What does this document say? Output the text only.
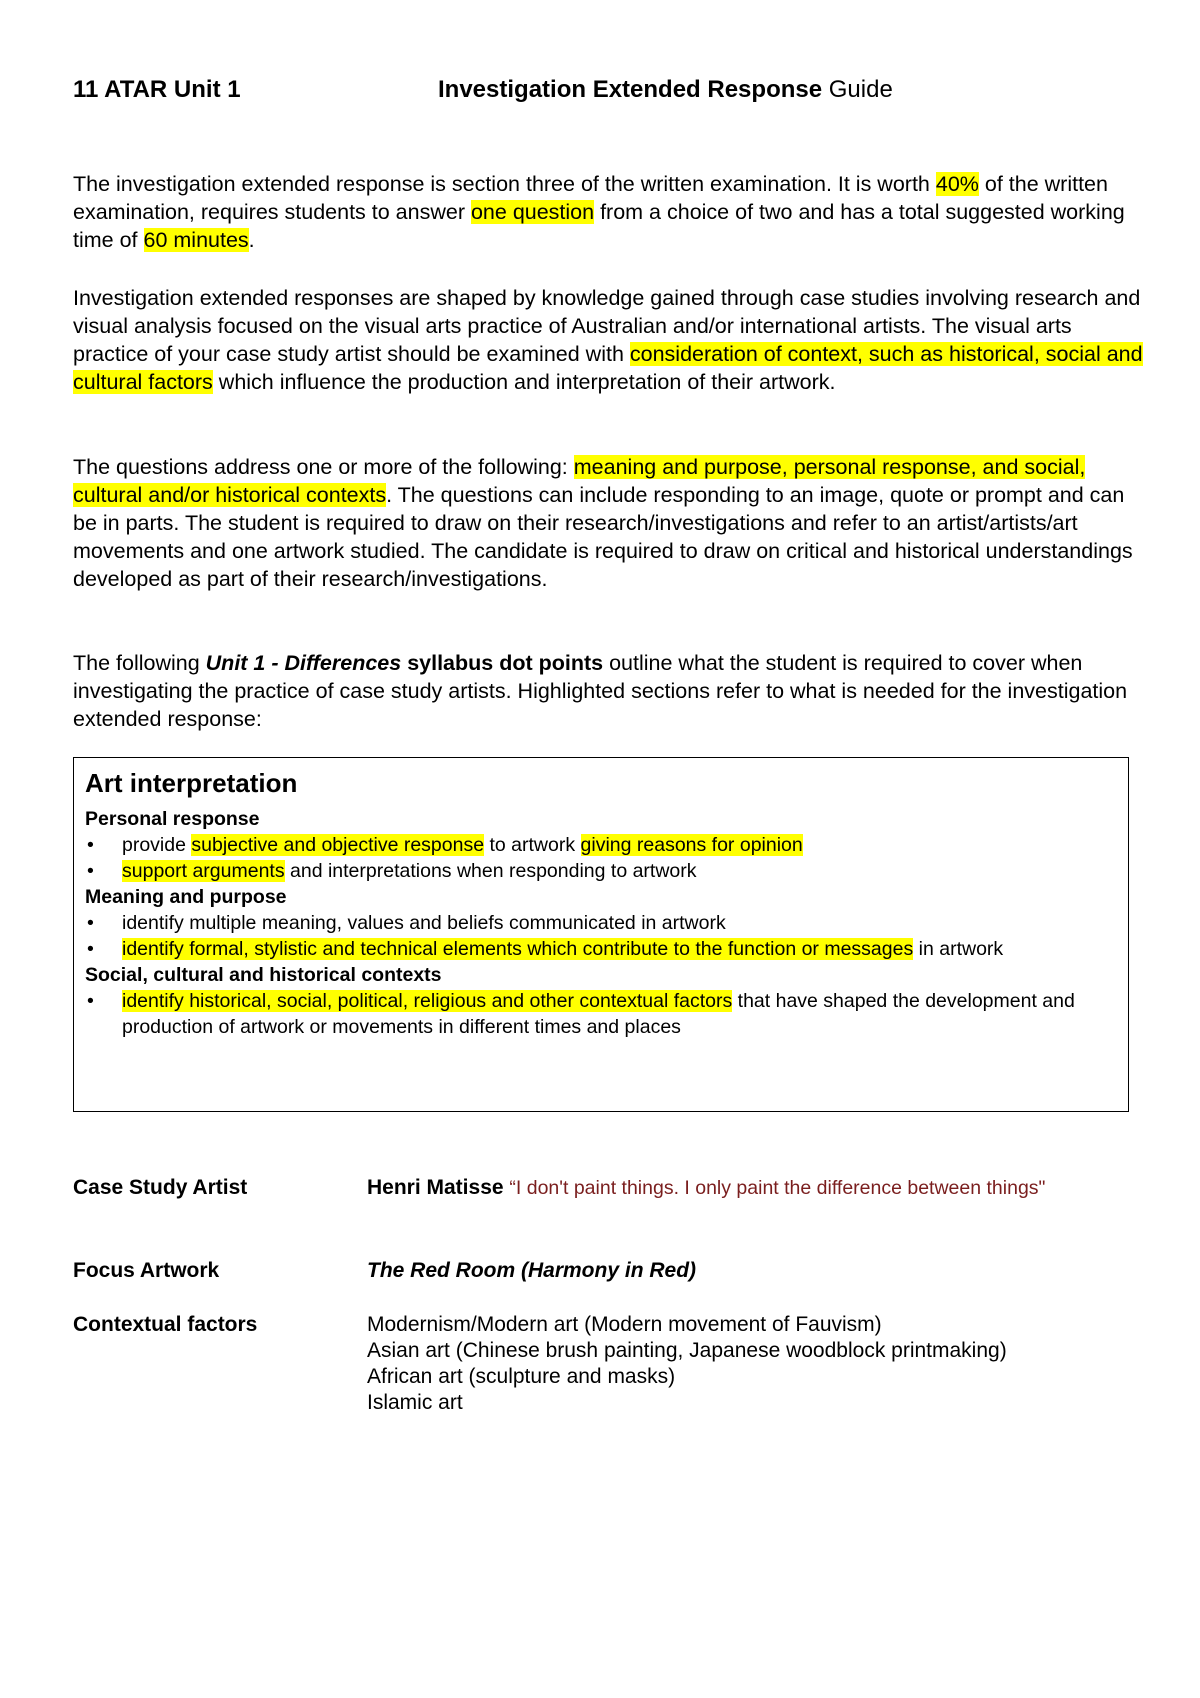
11 ATAR Unit 1	Investigation Extended Response Guide

The investigation extended response is section three of the written examination. It is worth 40% of the written examination, requires students to answer one question from a choice of two and has a total suggested working time of 60 minutes.

Investigation extended responses are shaped by knowledge gained through case studies involving research and visual analysis focused on the visual arts practice of Australian and/or international artists. The visual arts practice of your case study artist should be examined with consideration of context, such as historical, social and cultural factors which influence the production and interpretation of their artwork.

The questions address one or more of the following: meaning and purpose, personal response, and social, cultural and/or historical contexts. The questions can include responding to an image, quote or prompt and can be in parts. The student is required to draw on their research/investigations and refer to an artist/artists/art movements and one artwork studied. The candidate is required to draw on critical and historical understandings developed as part of their research/investigations.

The following Unit 1 - Differences syllabus dot points outline what the student is required to cover when investigating the practice of case study artists. Highlighted sections refer to what is needed for the investigation extended response:

Art interpretation
Personal response
•	provide subjective and objective response to artwork giving reasons for opinion
•	support arguments and interpretations when responding to artwork
Meaning and purpose
•	identify multiple meaning, values and beliefs communicated in artwork
•	identify formal, stylistic and technical elements which contribute to the function or messages in artwork
Social, cultural and historical contexts
•	identify historical, social, political, religious and other contextual factors that have shaped the development and production of artwork or movements in different times and places
Case Study Artist	Henri Matisse “I don't paint things. I only paint the difference between things"
Focus Artwork	The Red Room (Harmony in Red)
Contextual factors	Modernism/Modern art (Modern movement of Fauvism)
Asian art (Chinese brush painting, Japanese woodblock printmaking)
African art (sculpture and masks)
Islamic art
